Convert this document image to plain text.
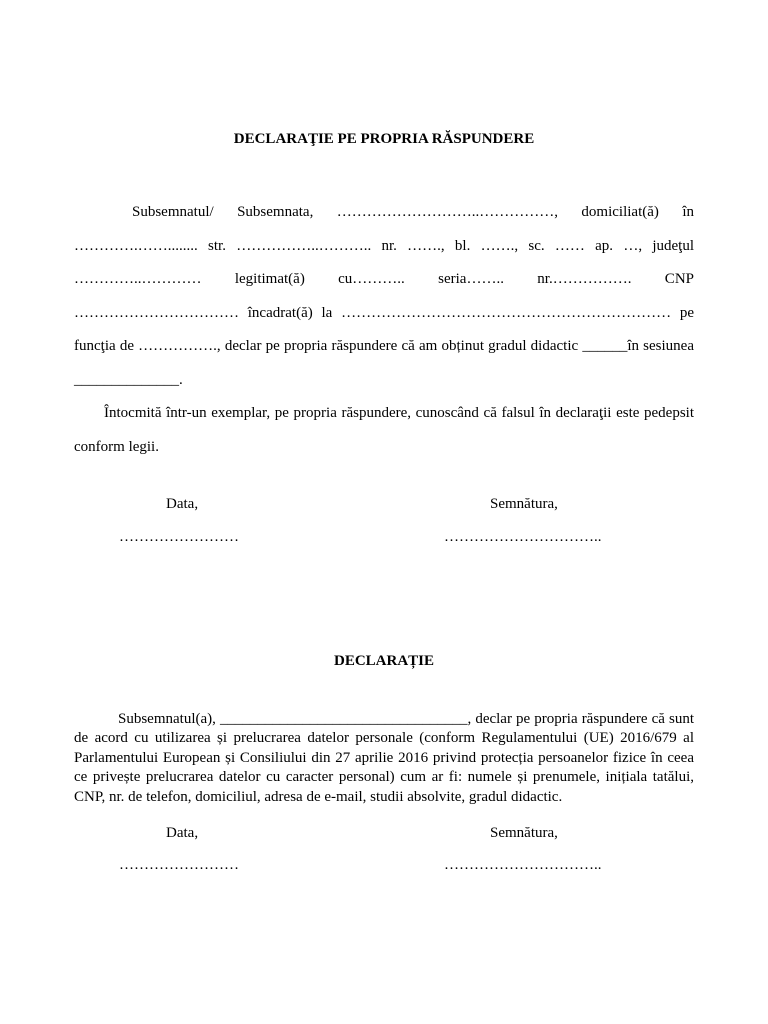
DECLARAŢIE PE PROPRIA RĂSPUNDERE

Subsemnatul/ Subsemnata, ………………………..……………, domiciliat(ă) în ………….……........ str. ……………..……….. nr. ……., bl. ……., sc. …… ap. …, judeţul …………..………… legitimat(ă) cu……….. seria…….. nr.……………. CNP …………………………… încadrat(ă) la ………………………………………………………… pe funcţia de ……………., declar pe propria răspundere că am obținut gradul didactic ______în sesiunea ______________.

Întocmită într-un exemplar, pe propria răspundere, cunoscând că falsul în declaraţii este pedepsit conform legii.

Data,	Semnătura,
……………………	…………………………..
DECLARAȚIE

Subsemnatul(a), _________________________________, declar pe propria răspundere că sunt de acord cu utilizarea și prelucrarea datelor personale (conform Regulamentului (UE) 2016/679 al Parlamentului European și Consiliului din 27 aprilie 2016 privind protecția persoanelor fizice în ceea ce privește prelucrarea datelor cu caracter personal) cum ar fi: numele și prenumele, inițiala tatălui, CNP, nr. de telefon, domiciliul, adresa de e-mail, studii absolvite, gradul didactic.

Data,	Semnătura,
……………………	…………………………..
